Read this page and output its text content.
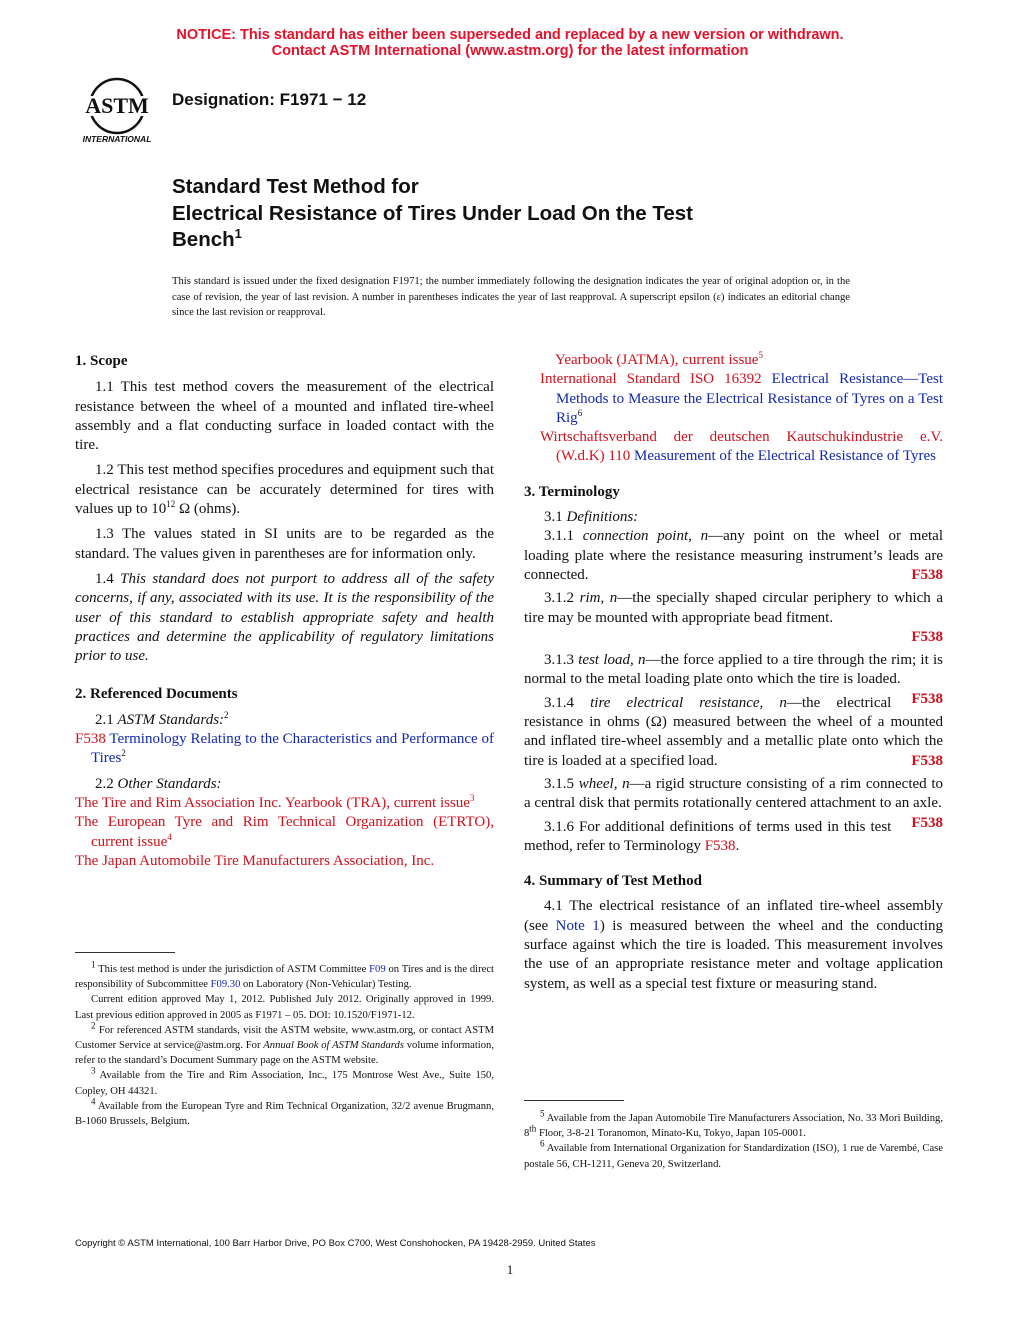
NOTICE: This standard has either been superseded and replaced by a new version or withdrawn.
Contact ASTM International (www.astm.org) for the latest information
ASTM
INTERNATIONAL
Designation: F1971 − 12
Standard Test Method for
Electrical Resistance of Tires Under Load On the Test
Bench$^1$
This standard is issued under the fixed designation F1971; the number immediately following the designation indicates the year of original adoption or, in the case of revision, the year of last revision. A number in parentheses indicates the year of last reapproval. A superscript epsilon (ε) indicates an editorial change since the last revision or reapproval.

1. Scope

1.1 This test method covers the measurement of the electrical resistance between the wheel of a mounted and inflated tire-wheel assembly and a flat conducting surface in loaded contact with the tire.

1.2 This test method specifies procedures and equipment such that electrical resistance can be accurately determined for tires with values up to $10^{12}$ Ω (ohms).

1.3 The values stated in SI units are to be regarded as the standard. The values given in parentheses are for information only.

1.4 This standard does not purport to address all of the safety concerns, if any, associated with its use. It is the responsibility of the user of this standard to establish appropriate safety and health practices and determine the applicability of regulatory limitations prior to use.

2. Referenced Documents

2.1 ASTM Standards:$^2$

F538 Terminology Relating to the Characteristics and Performance of Tires$^2$

2.2 Other Standards:

The Tire and Rim Association Inc. Yearbook (TRA), current issue$^3$

The European Tyre and Rim Technical Organization (ETRTO), current issue$^4$

The Japan Automobile Tire Manufacturers Association, Inc.

$^1$ This test method is under the jurisdiction of ASTM Committee F09 on Tires and is the direct responsibility of Subcommittee F09.30 on Laboratory (Non-Vehicular) Testing.

Current edition approved May 1, 2012. Published July 2012. Originally approved in 1999. Last previous edition approved in 2005 as F1971 – 05. DOI: 10.1520/F1971-12.

$^2$ For referenced ASTM standards, visit the ASTM website, www.astm.org, or contact ASTM Customer Service at service@astm.org. For Annual Book of ASTM Standards volume information, refer to the standard’s Document Summary page on the ASTM website.

$^3$ Available from the Tire and Rim Association, Inc., 175 Montrose West Ave., Suite 150, Copley, OH 44321.

$^4$ Available from the European Tyre and Rim Technical Organization, 32/2 avenue Brugmann, B-1060 Brussels, Belgium.

Yearbook (JATMA), current issue$^5$

International Standard ISO 16392 Electrical Resistance—Test Methods to Measure the Electrical Resistance of Tyres on a Test Rig$^6$

Wirtschaftsverband der deutschen Kautschukindustrie e.V. (W.d.K) 110 Measurement of the Electrical Resistance of Tyres

3. Terminology

3.1 Definitions:

3.1.1 connection point, n—any point on the wheel or metal loading plate where the resistance measuring instrument’s leads are connected.	F538

3.1.2 rim, n—the specially shaped circular periphery to which a tire may be mounted with appropriate bead fitment.

F538

3.1.3 test load, n—the force applied to a tire through the rim; it is normal to the metal loading plate onto which the tire is loaded.
F538

3.1.4 tire electrical resistance, n—the electrical resistance in ohms (Ω) measured between the wheel of a mounted and inflated tire-wheel assembly and a metallic plate onto which the tire is loaded at a specified load.	F538

3.1.5 wheel, n—a rigid structure consisting of a rim connected to a central disk that permits rotationally centered attachment to an axle.
F538

3.1.6 For additional definitions of terms used in this test method, refer to Terminology F538.

4. Summary of Test Method

4.1 The electrical resistance of an inflated tire-wheel assembly (see Note 1) is measured between the wheel and the conducting surface against which the tire is loaded. This measurement involves the use of an appropriate resistance meter and voltage application system, as well as a special test fixture or measuring stand.

$^5$ Available from the Japan Automobile Tire Manufacturers Association, No. 33 Mori Building, 8th Floor, 3-8-21 Toranomon, Minato-Ku, Tokyo, Japan 105-0001.

$^6$ Available from International Organization for Standardization (ISO), 1 rue de Varembé, Case postale 56, CH-1211, Geneva 20, Switzerland.

Copyright © ASTM International, 100 Barr Harbor Drive, PO Box C700, West Conshohocken, PA 19428-2959. United States
1
